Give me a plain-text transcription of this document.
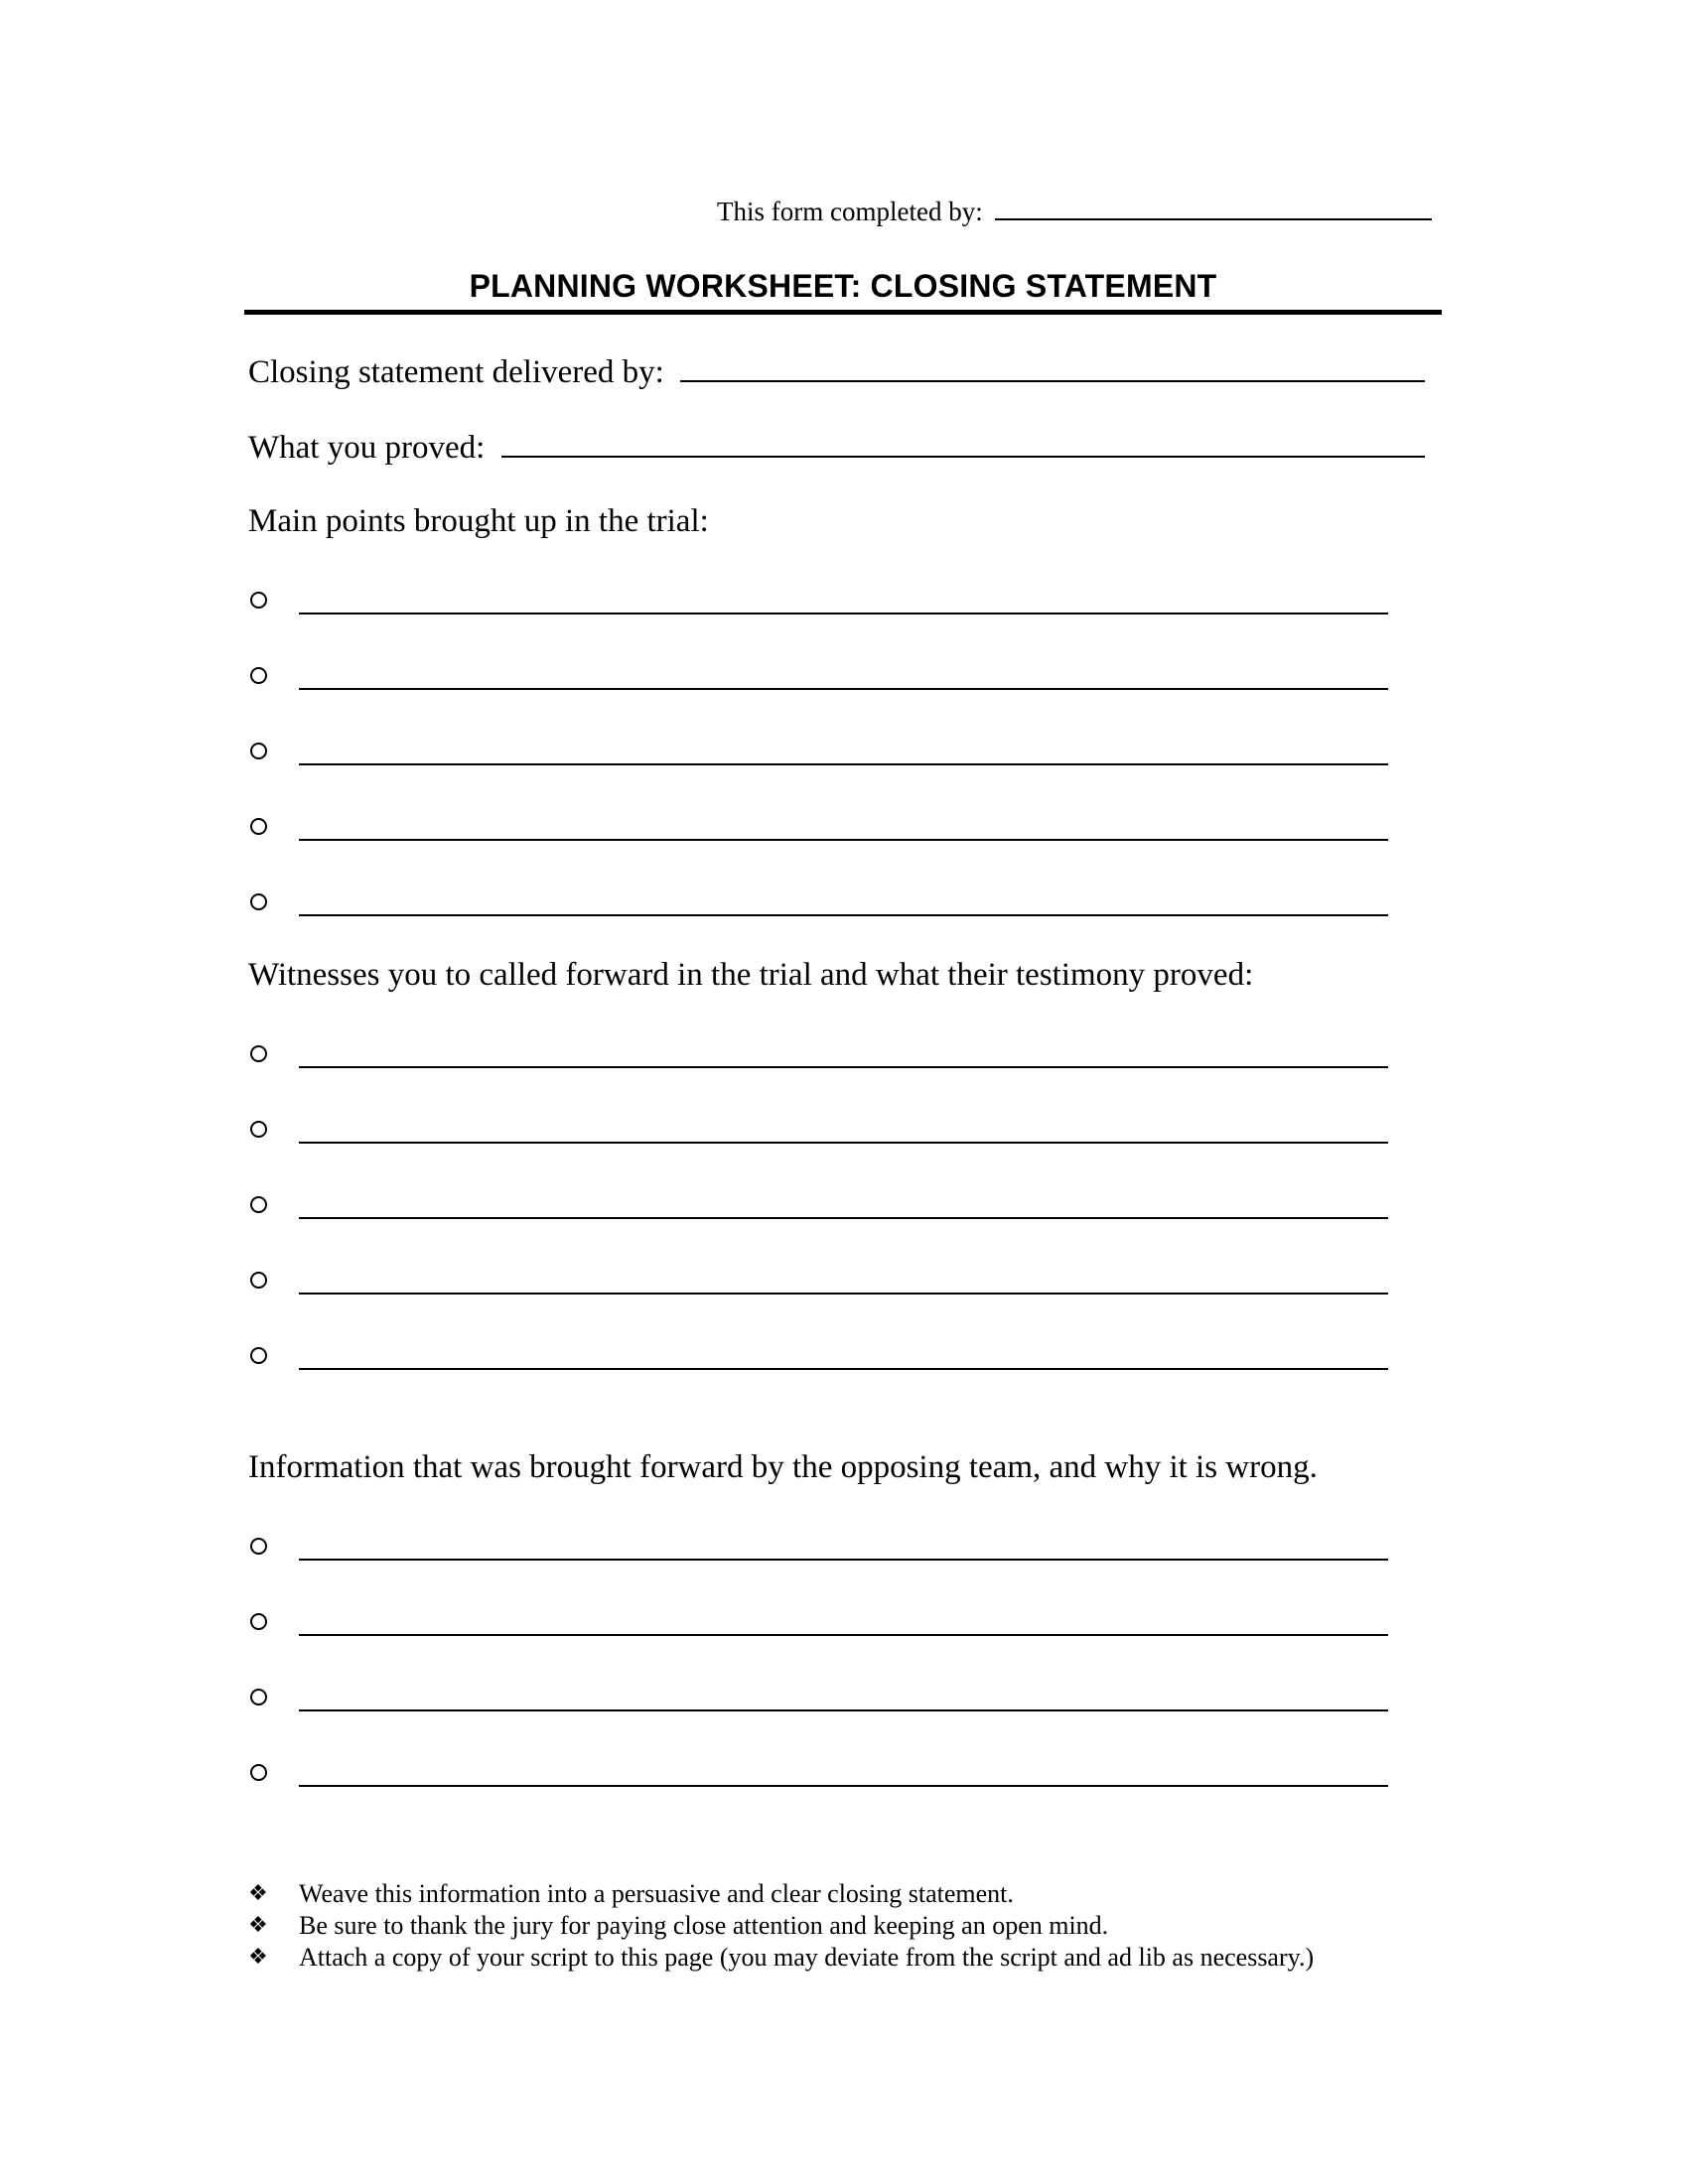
This form completed by:
PLANNING WORKSHEET: CLOSING STATEMENT
Closing statement delivered by:
What you proved:
Main points brought up in the trial:
Witnesses you to called forward in the trial and what their testimony proved:
Information that was brought forward by the opposing team, and why it is wrong.
❖ Weave this information into a persuasive and clear closing statement.
❖ Be sure to thank the jury for paying close attention and keeping an open mind.
❖ Attach a copy of your script to this page (you may deviate from the script and ad lib as necessary.)
